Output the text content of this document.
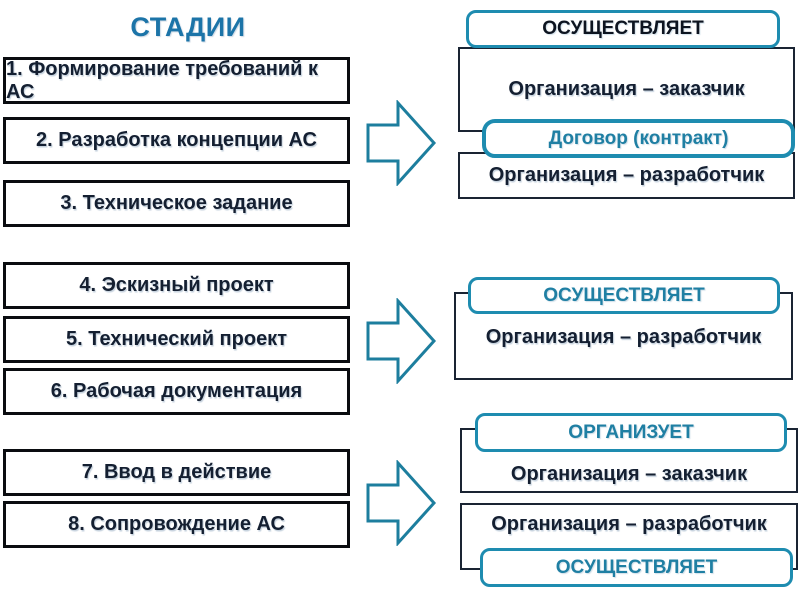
СТАДИИ
1. Формирование требований к АС
2. Разработка концепции АС
3. Техническое задание
4. Эскизный проект
5. Технический проект
6. Рабочая документация
7. Ввод в действие
8. Сопровождение АС
ОСУЩЕСТВЛЯЕТ
Организация – заказчик
Организация – разработчик
Договор (контракт)
ОСУЩЕСТВЛЯЕТ
Организация – разработчик
ОРГАНИЗУЕТ
Организация – заказчик
Организация – разработчик
ОСУЩЕСТВЛЯЕТ
